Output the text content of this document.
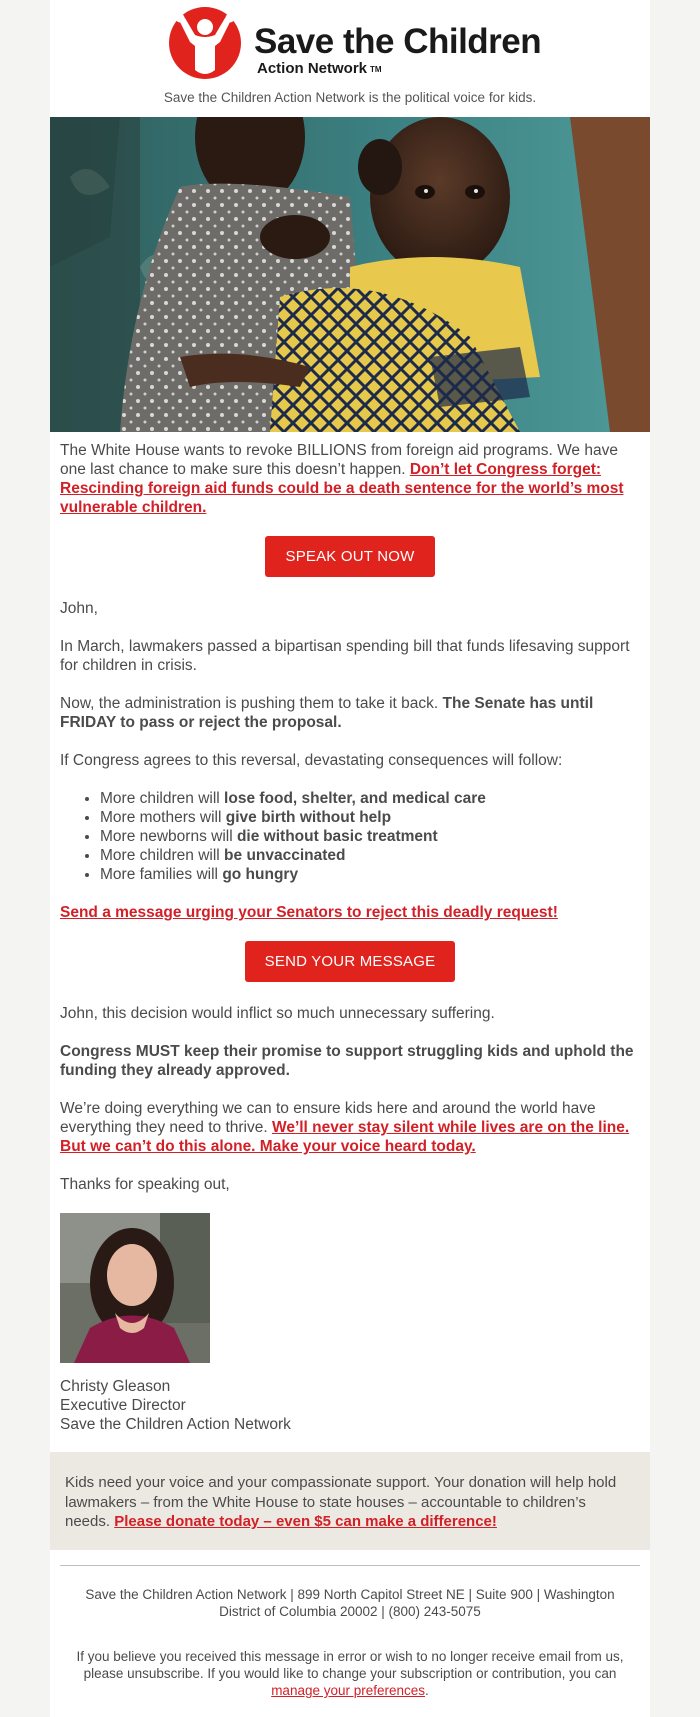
Save the Children
Action Network TM
Save the Children Action Network is the political voice for kids.

The White House wants to revoke BILLIONS from foreign aid programs. We have one last chance to make sure this doesn’t happen. Don’t let Congress forget: Rescinding foreign aid funds could be a death sentence for the world’s most vulnerable children.

SPEAK OUT NOW

John,

In March, lawmakers passed a bipartisan spending bill that funds lifesaving support for children in crisis.

Now, the administration is pushing them to take it back. The Senate has until FRIDAY to pass or reject the proposal.

If Congress agrees to this reversal, devastating consequences will follow:

• More children will lose food, shelter, and medical care
• More mothers will give birth without help
• More newborns will die without basic treatment
• More children will be unvaccinated
• More families will go hungry

Send a message urging your Senators to reject this deadly request!

SEND YOUR MESSAGE

John, this decision would inflict so much unnecessary suffering.

Congress MUST keep their promise to support struggling kids and uphold the funding they already approved.

We’re doing everything we can to ensure kids here and around the world have everything they need to thrive. We’ll never stay silent while lives are on the line. But we can’t do this alone. Make your voice heard today.

Thanks for speaking out,

Christy Gleason

Executive Director

Save the Children Action Network

Kids need your voice and your compassionate support. Your donation will help hold lawmakers – from the White House to state houses – accountable to children’s needs. Please donate today – even $5 can make a difference!
Save the Children Action Network | 899 North Capitol Street NE | Suite 900 | Washington District of Columbia 20002 | (800) 243-5075
If you believe you received this message in error or wish to no longer receive email from us, please unsubscribe. If you would like to change your subscription or contribution, you can manage your preferences.
